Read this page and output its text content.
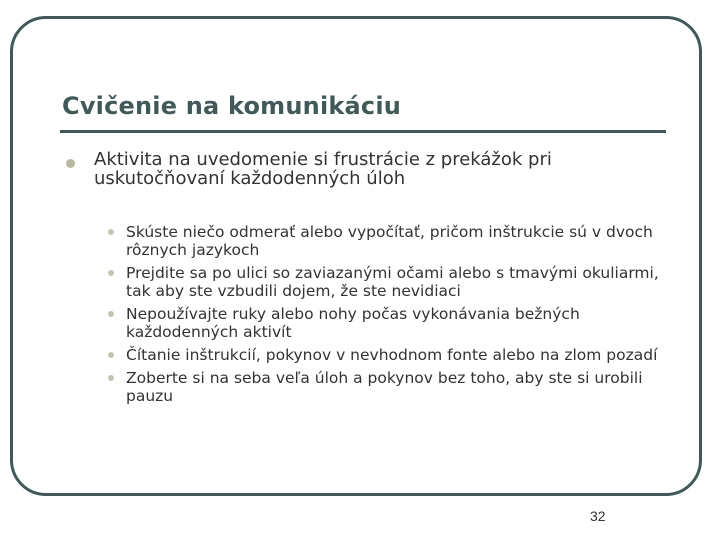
Cvičenie na komunikáciu

Aktivita na uvedomenie si frustrácie z prekážok pri uskutočňovaní každodenných úloh

Skúste niečo odmerať alebo vypočítať, pričom inštrukcie sú v dvoch rôznych jazykoch
Prejdite sa po ulici so zaviazanými očami alebo s tmavými okuliarmi, tak aby ste vzbudili dojem, že ste nevidiaci
Nepoužívajte ruky alebo nohy počas vykonávania bežných každodenných aktivít
Čítanie inštrukcií, pokynov v nevhodnom fonte alebo na zlom pozadí
Zoberte si na seba veľa úloh a pokynov bez toho, aby ste si urobili pauzu
32
